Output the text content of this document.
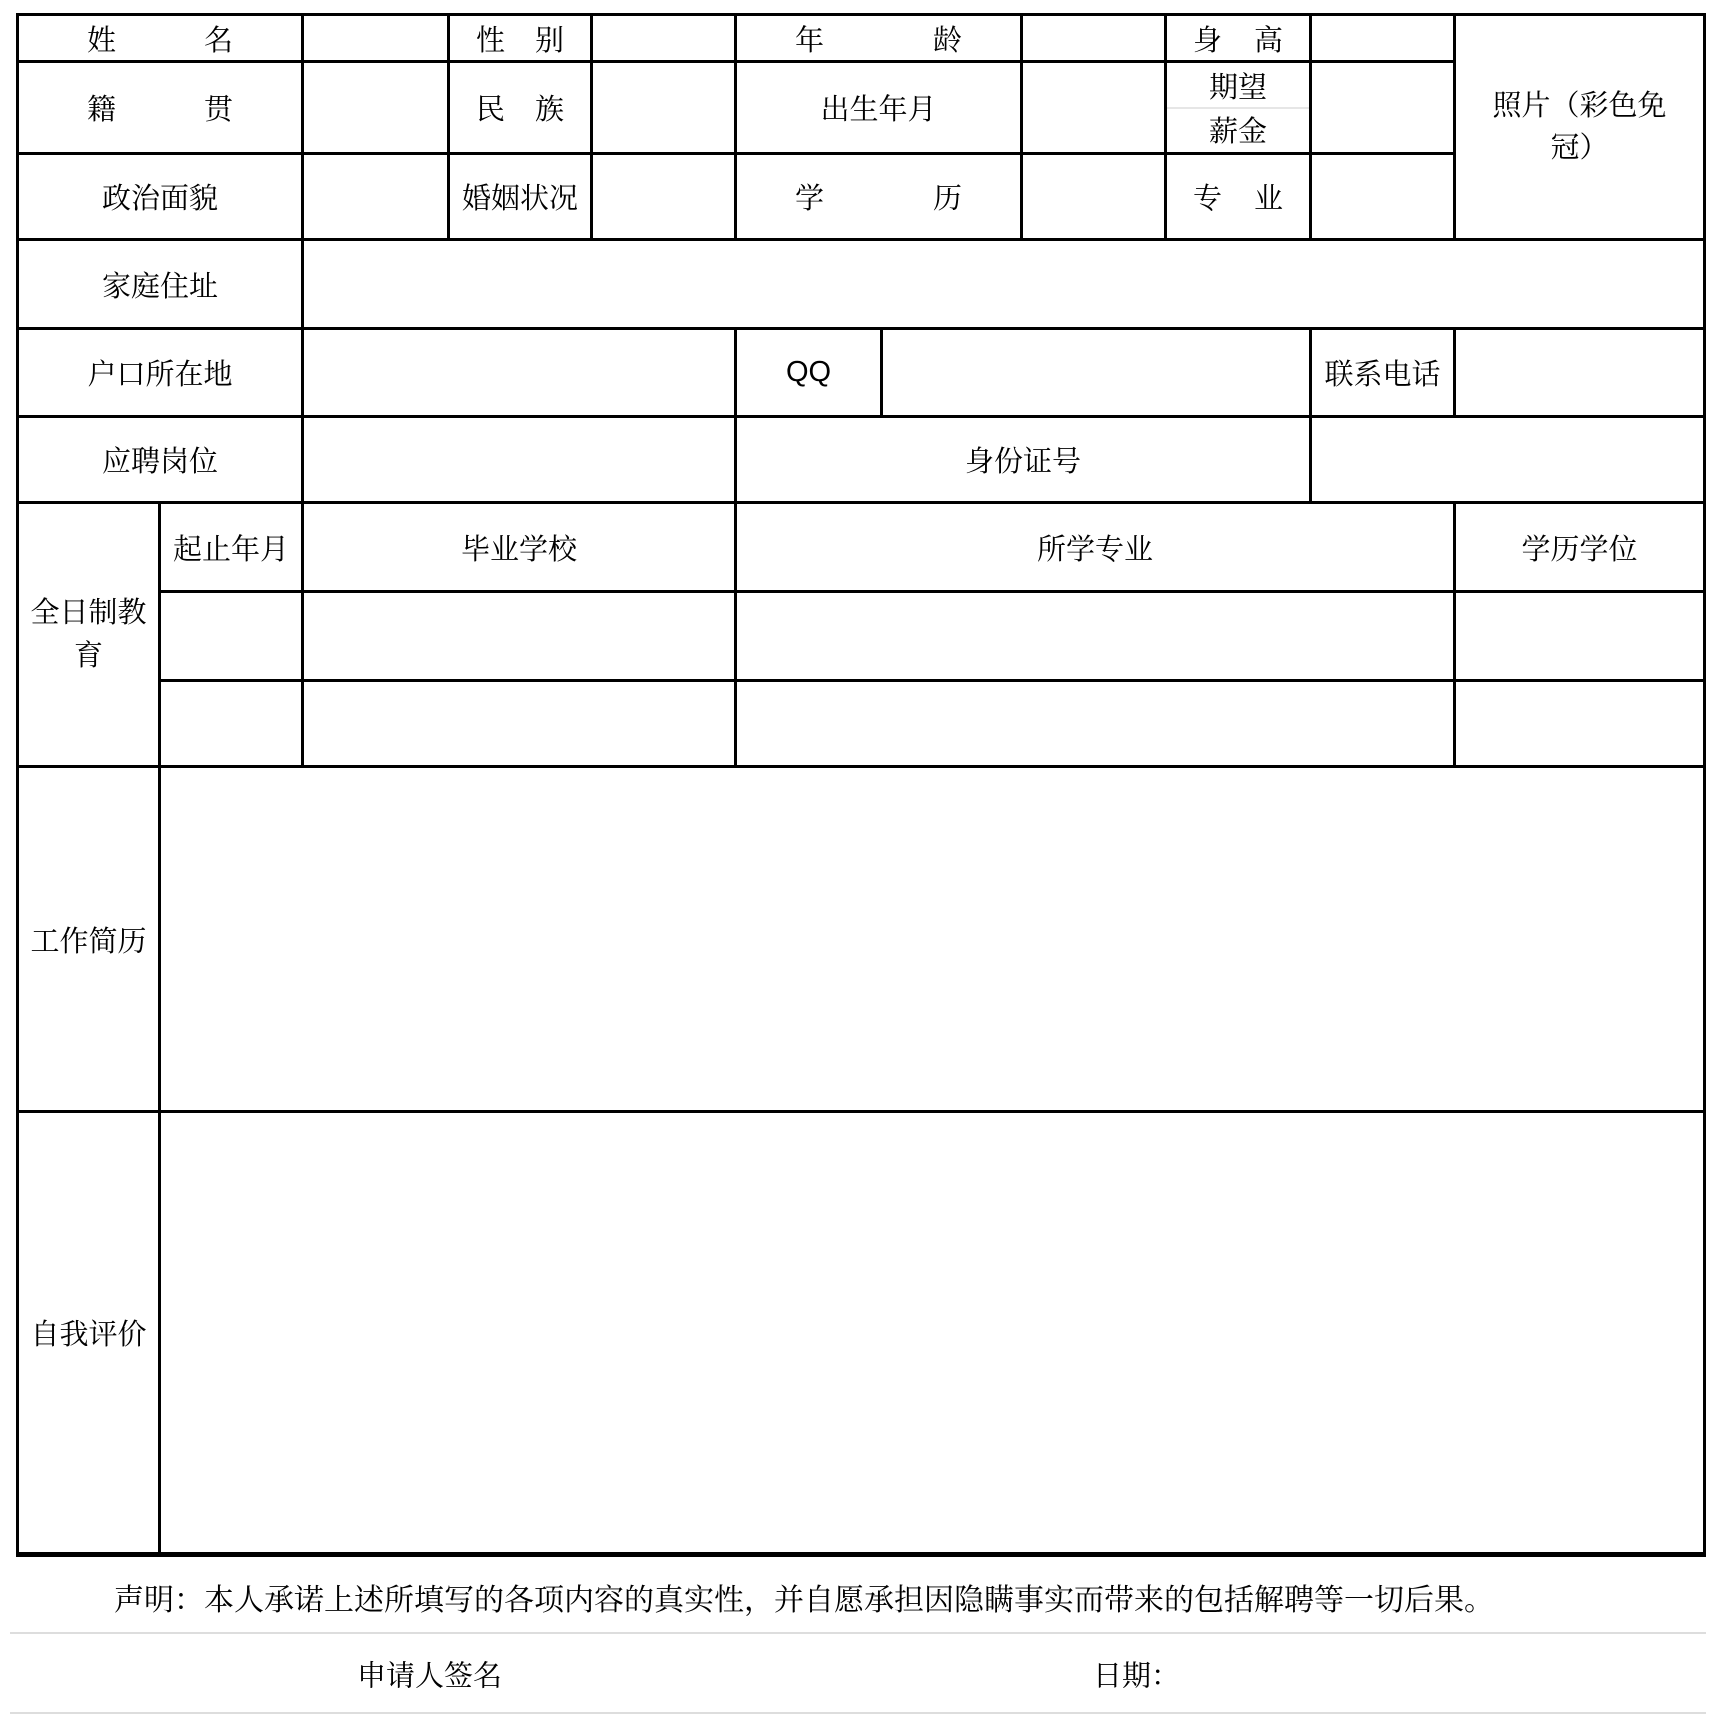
姓名			性别		年龄			身高		照片（彩色免冠）

籍贯			民族		出生年月			期望
薪金		

政治面貌			婚姻状况		学历			专业		

家庭住址										
户口所在地					QQ				联系电话	
应聘岗位					身份证号					

全日制教育	起止年月	毕业学校			所学专业					学历学位

工作简历										
自我评价										
声明：本人承诺上述所填写的各项内容的真实性，并自愿承担因隐瞒事实而带来的包括解聘等一切后果。
申请人签名	日期：
